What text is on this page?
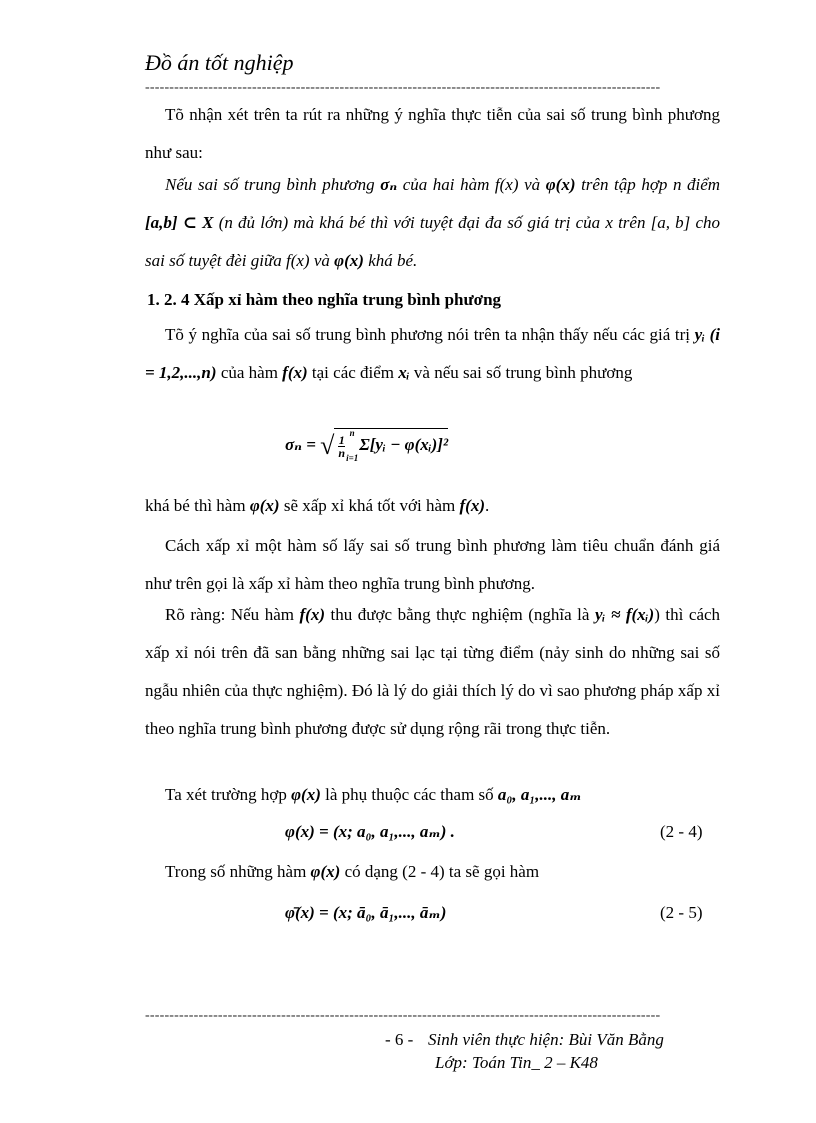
Đồ án tốt nghiệp
----------------------------------------------------------------------------------------------------------
Tõ nhận xét trên ta rút ra những ý nghĩa thực tiễn của sai số trung bình phương như sau:
Nếu sai số trung bình phương σₙ của hai hàm f(x) và φ(x) trên tập hợp n điểm [a,b] ⊂ X (n đủ lớn) mà khá bé thì với tuyệt đại đa số giá trị của x trên [a, b] cho sai số tuyệt đèi giữa f(x) và φ(x) khá bé.
1. 2. 4 Xấp xỉ hàm theo nghĩa trung bình phương
Tõ ý nghĩa của sai số trung bình phương nói trên ta nhận thấy nếu các giá trị yᵢ (i = 1,2,...,n) của hàm f(x) tại các điểm xᵢ và nếu sai số trung bình phương
σₙ = √ $\frac{1}{n}$
n

i=1
Σ[yᵢ − φ(xᵢ)]²
khá bé thì hàm φ(x) sẽ xấp xỉ khá tốt với hàm f(x).
Cách xấp xỉ một hàm số lấy sai số trung bình phương làm tiêu chuẩn đánh giá như trên gọi là xấp xỉ hàm theo nghĩa trung bình phương.
Rõ ràng: Nếu hàm f(x) thu được bằng thực nghiệm (nghĩa là yᵢ ≈ f(xᵢ)) thì cách xấp xỉ nói trên đã san bằng những sai lạc tại từng điểm (nảy sinh do những sai số ngẫu nhiên của thực nghiệm). Đó là lý do giải thích lý do vì sao phương pháp xấp xỉ theo nghĩa trung bình phương được sử dụng rộng rãi trong thực tiễn.
Ta xét trường hợp φ(x) là phụ thuộc các tham số a₀, a₁,..., aₘ
φ(x) = (x; a₀, a₁,..., aₘ) .	(2 - 4)
Trong số những hàm φ(x) có dạng (2 - 4) ta sẽ gọi hàm
φ̄(x) = (x; ā₀, ā₁,..., āₘ)	(2 - 5)
----------------------------------------------------------------------------------------------------------
- 6 - Sinh viên thực hiện: Bùi Văn Bằng
Lớp: Toán Tin_ 2 – K48
